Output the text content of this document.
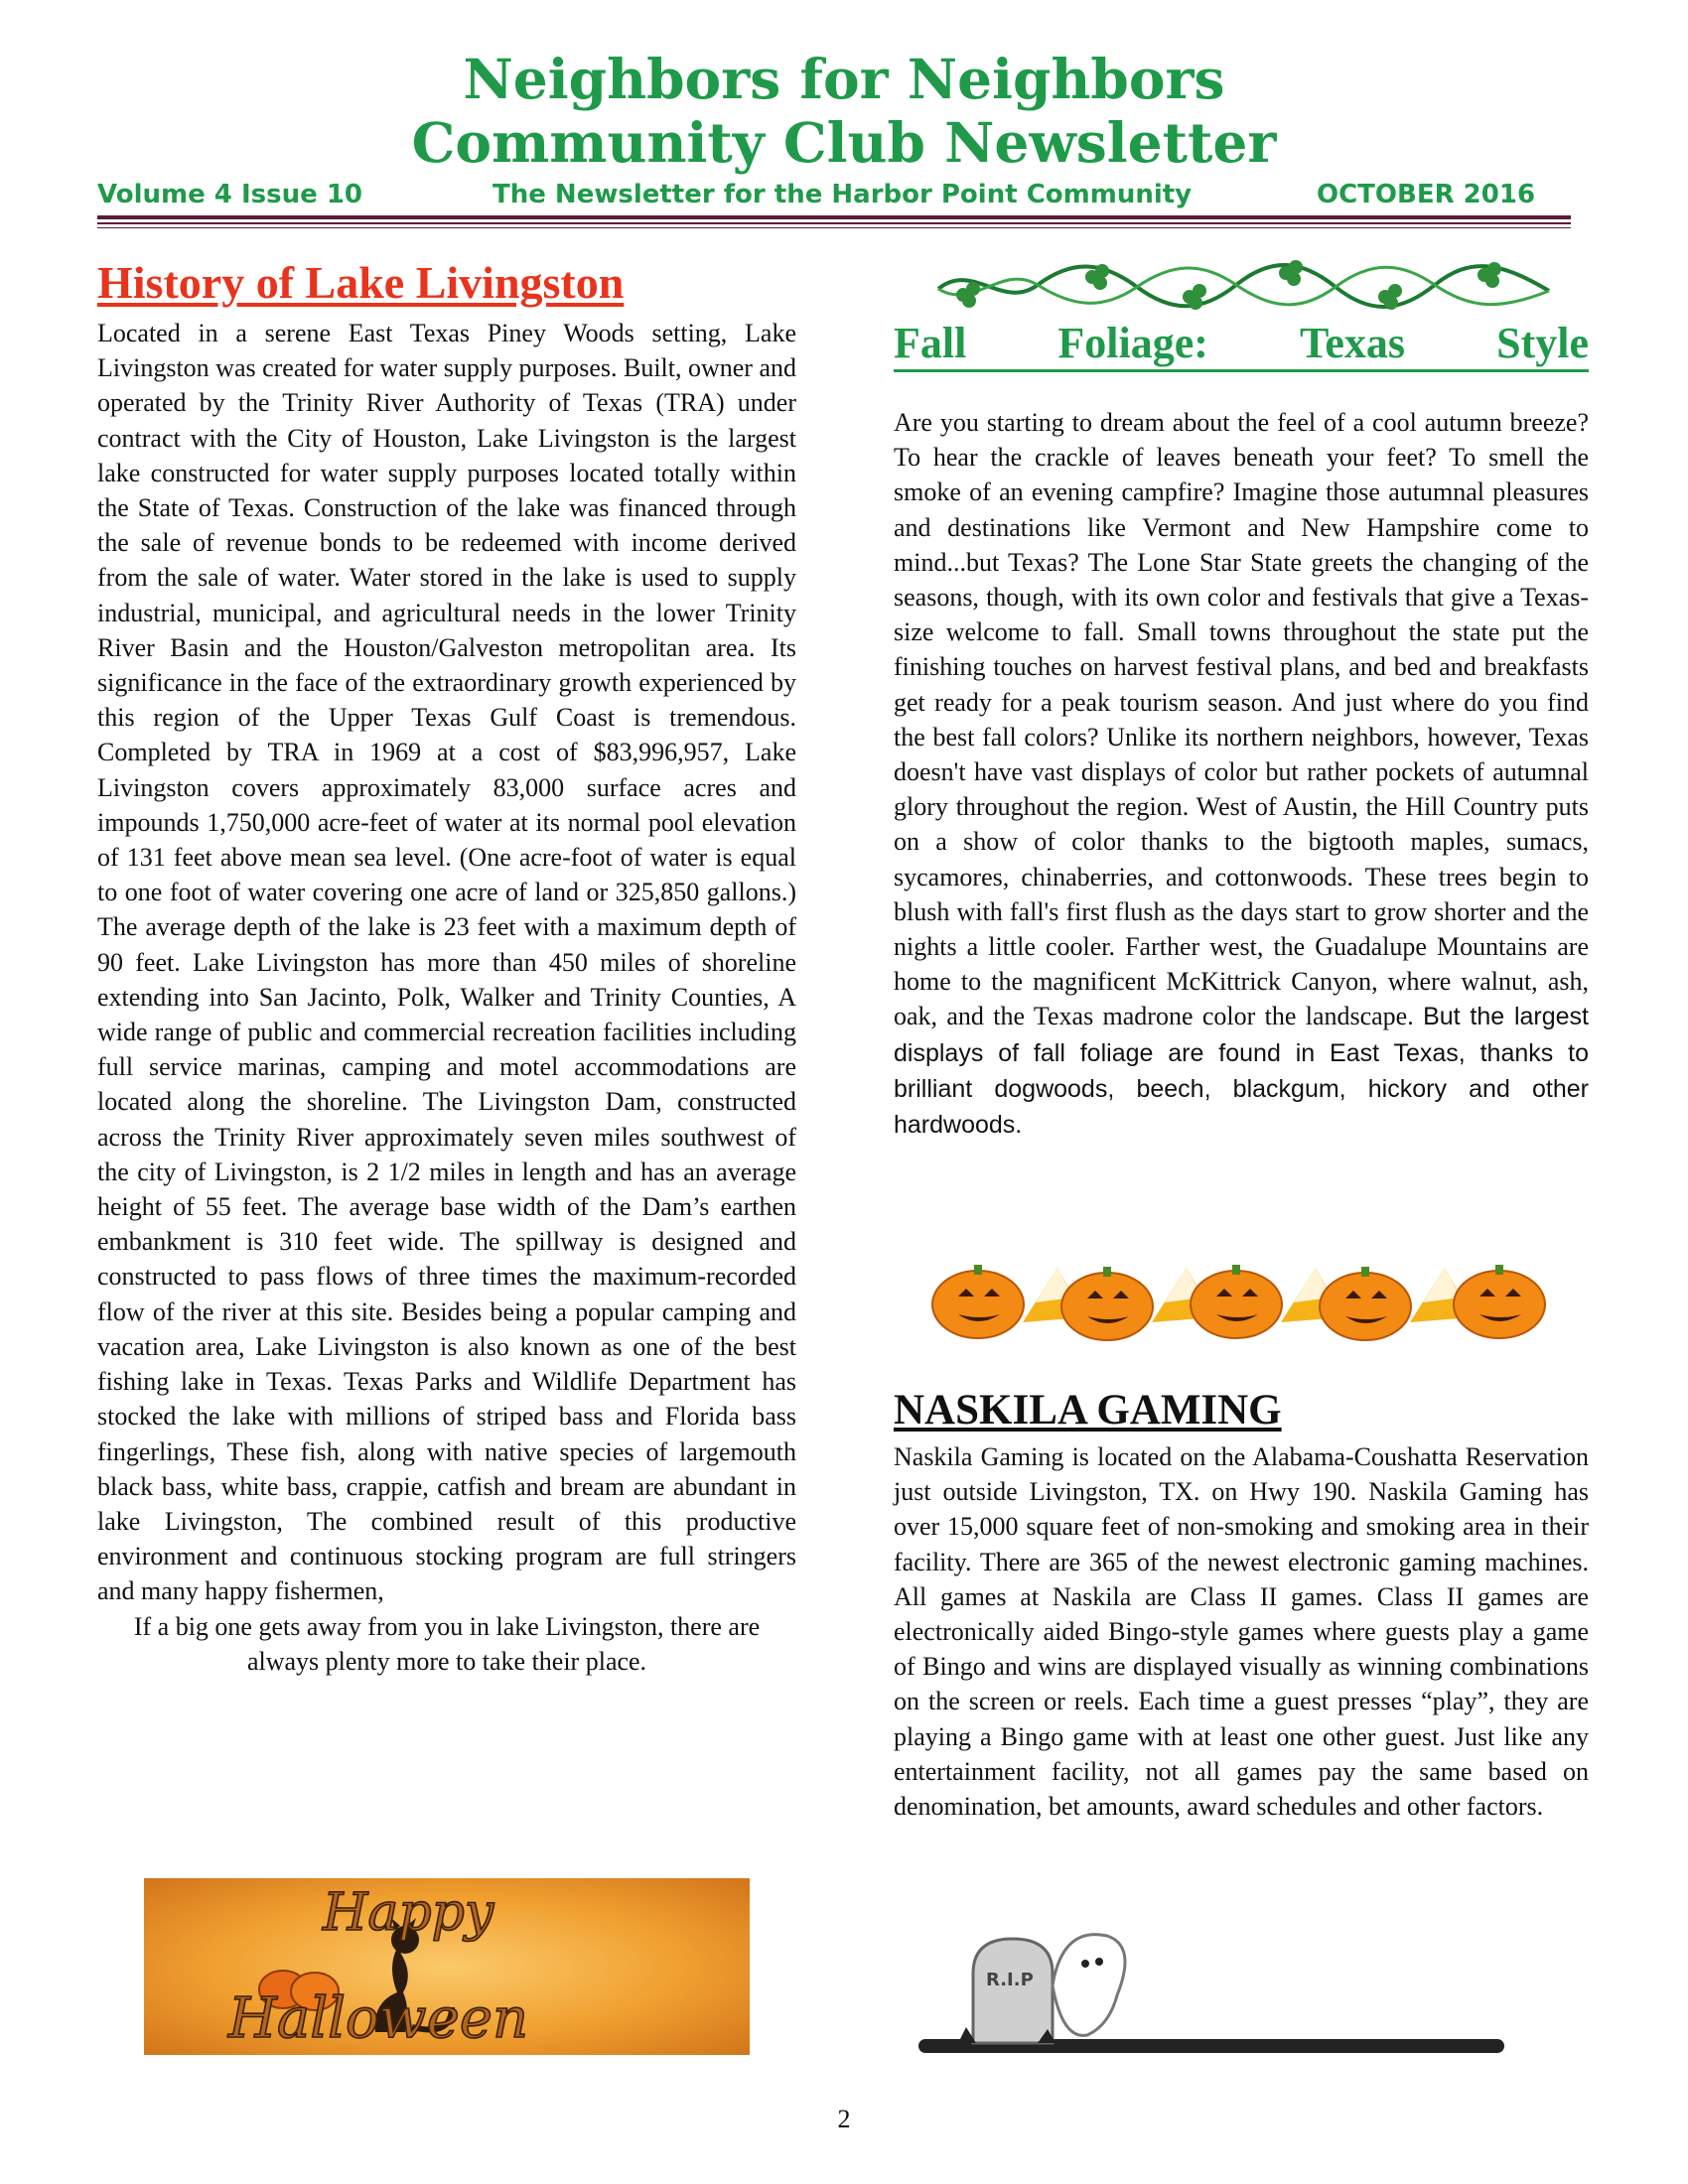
Neighbors for Neighbors
Community Club Newsletter
Volume 4 Issue 10	The Newsletter for the Harbor Point Community	OCTOBER 2016
History of Lake Livingston
Located in a serene East Texas Piney Woods setting, Lake Livingston was created for water supply purposes. Built, owner and operated by the Trinity River Authority of Texas (TRA) under contract with the City of Houston, Lake Livingston is the largest lake constructed for water supply purposes located totally within the State of Texas. Construction of the lake was financed through the sale of revenue bonds to be redeemed with income derived from the sale of water. Water stored in the lake is used to supply industrial, municipal, and agricultural needs in the lower Trinity River Basin and the Houston/Galveston metropolitan area. Its significance in the face of the extraordinary growth experienced by this region of the Upper Texas Gulf Coast is tremendous. Completed by TRA in 1969 at a cost of $83,996,957, Lake Livingston covers approximately 83,000 surface acres and impounds 1,750,000 acre-feet of water at its normal pool elevation of 131 feet above mean sea level. (One acre-foot of water is equal to one foot of water covering one acre of land or 325,850 gallons.) The average depth of the lake is 23 feet with a maximum depth of 90 feet. Lake Livingston has more than 450 miles of shoreline extending into San Jacinto, Polk, Walker and Trinity Counties, A wide range of public and commercial recreation facilities including full service marinas, camping and motel accommodations are located along the shoreline. The Livingston Dam, constructed across the Trinity River approximately seven miles southwest of the city of Livingston, is 2 1/2 miles in length and has an average height of 55 feet. The average base width of the Dam’s earthen embankment is 310 feet wide. The spillway is designed and constructed to pass flows of three times the maximum-recorded flow of the river at this site. Besides being a popular camping and vacation area, Lake Livingston is also known as one of the best fishing lake in Texas. Texas Parks and Wildlife Department has stocked the lake with millions of striped bass and Florida bass fingerlings, These fish, along with native species of largemouth black bass, white bass, crappie, catfish and bream are abundant in lake Livingston, The combined result of this productive environment and continuous stocking program are full stringers and many happy fishermen,
If a big one gets away from you in lake Livingston, there are always plenty more to take their place.
Happy
Halloween
Fall Foliage: Texas Style
Are you starting to dream about the feel of a cool autumn breeze? To hear the crackle of leaves beneath your feet? To smell the smoke of an evening campfire? Imagine those autumnal pleasures and destinations like Vermont and New Hampshire come to mind...but Texas? The Lone Star State greets the changing of the seasons, though, with its own color and festivals that give a Texas-size welcome to fall. Small towns throughout the state put the finishing touches on harvest festival plans, and bed and breakfasts get ready for a peak tourism season. And just where do you find the best fall colors? Unlike its northern neighbors, however, Texas doesn't have vast displays of color but rather pockets of autumnal glory throughout the region. West of Austin, the Hill Country puts on a show of color thanks to the bigtooth maples, sumacs, sycamores, chinaberries, and cottonwoods. These trees begin to blush with fall's first flush as the days start to grow shorter and the nights a little cooler. Farther west, the Guadalupe Mountains are home to the magnificent McKittrick Canyon, where walnut, ash, oak, and the Texas madrone color the landscape. But the largest displays of fall foliage are found in East Texas, thanks to brilliant dogwoods, beech, blackgum, hickory and other hardwoods.
NASKILA GAMING
Naskila Gaming is located on the Alabama-Coushatta Reservation just outside Livingston, TX. on Hwy 190. Naskila Gaming has over 15,000 square feet of non-smoking and smoking area in their facility. There are 365 of the newest electronic gaming machines. All games at Naskila are Class II games. Class II games are electronically aided Bingo-style games where guests play a game of Bingo and wins are displayed visually as winning combinations on the screen or reels. Each time a guest presses “play”, they are playing a Bingo game with at least one other guest. Just like any entertainment facility, not all games pay the same based on denomination, bet amounts, award schedules and other factors.
R.I.P
2
